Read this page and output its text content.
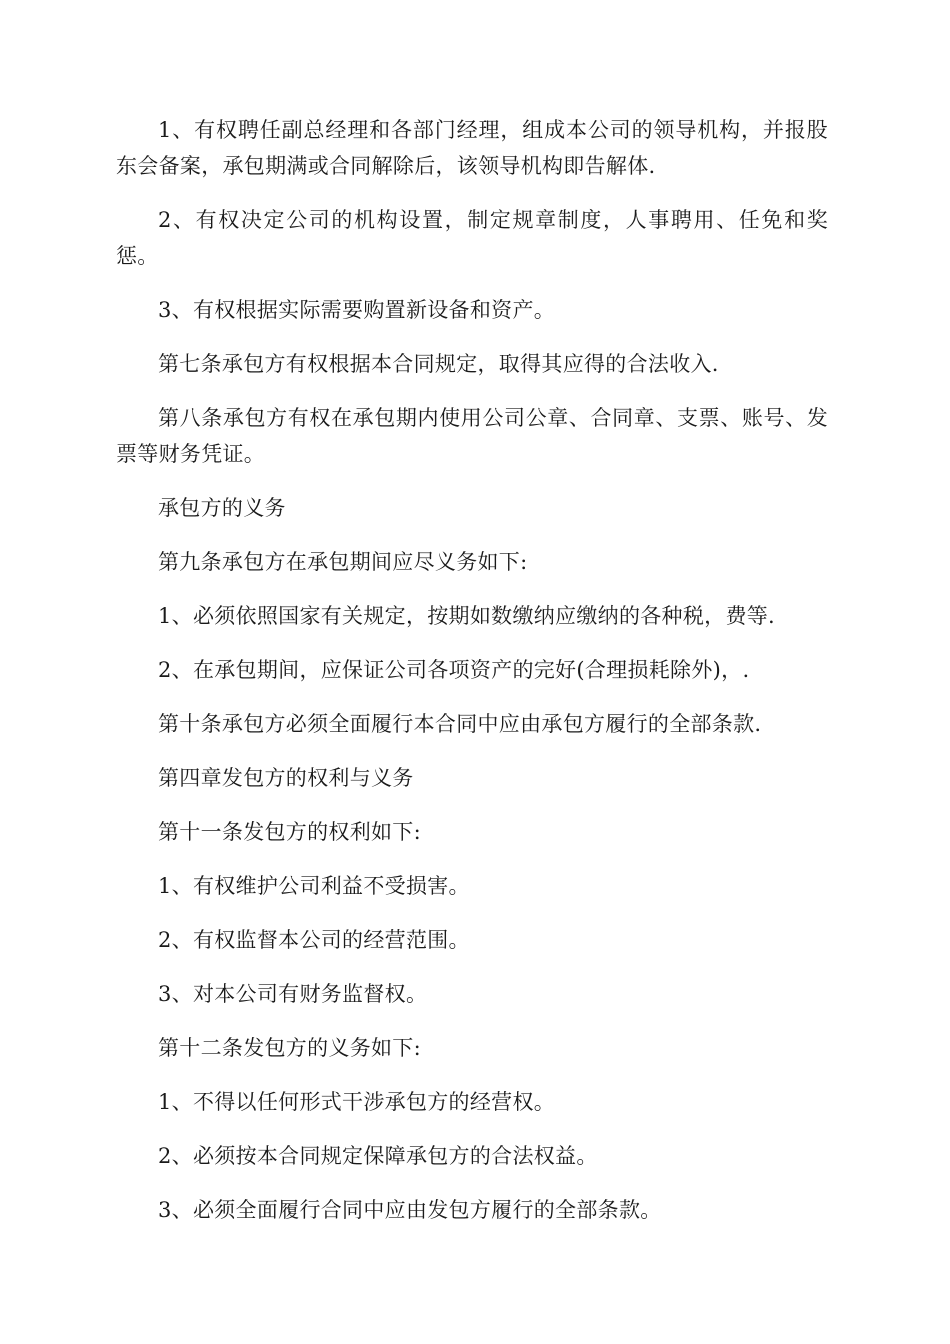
1、有权聘任副总经理和各部门经理，组成本公司的领导机构，并报股东会备案，承包期满或合同解除后，该领导机构即告解体.

2、有权决定公司的机构设置，制定规章制度，人事聘用、任免和奖惩。

3、有权根据实际需要购置新设备和资产。

第七条承包方有权根据本合同规定，取得其应得的合法收入.

第八条承包方有权在承包期内使用公司公章、合同章、支票、账号、发票等财务凭证。

承包方的义务

第九条承包方在承包期间应尽义务如下:

1、必须依照国家有关规定，按期如数缴纳应缴纳的各种税，费等.

2、在承包期间，应保证公司各项资产的完好(合理损耗除外)，.

第十条承包方必须全面履行本合同中应由承包方履行的全部条款.

第四章发包方的权利与义务

第十一条发包方的权利如下:

1、有权维护公司利益不受损害。

2、有权监督本公司的经营范围。

3、对本公司有财务监督权。

第十二条发包方的义务如下:

1、不得以任何形式干涉承包方的经营权。

2、必须按本合同规定保障承包方的合法权益。

3、必须全面履行合同中应由发包方履行的全部条款。
